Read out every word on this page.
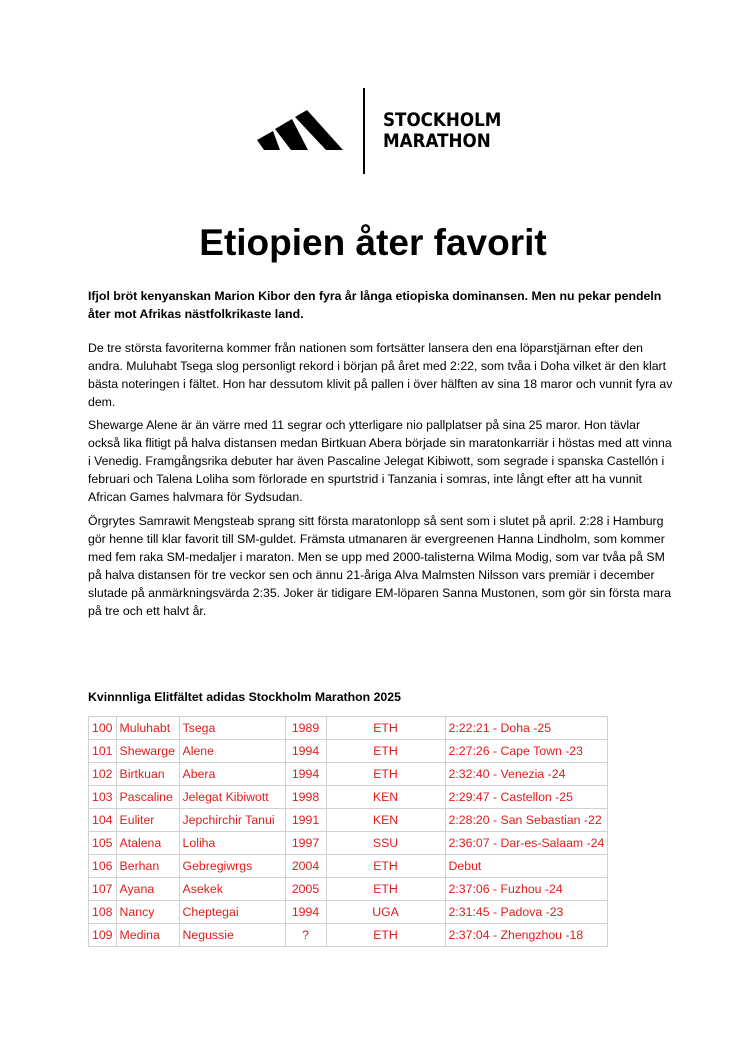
STOCKHOLM
MARATHON
Etiopien åter favorit

Ifjol bröt kenyanskan Marion Kibor den fyra år långa etiopiska dominansen. Men nu pekar pendeln åter mot Afrikas nästfolkrikaste land.

De tre största favoriterna kommer från nationen som fortsätter lansera den ena löparstjärnan efter den andra. Muluhabt Tsega slog personligt rekord i början på året med 2:22, som tvåa i Doha vilket är den klart bästa noteringen i fältet. Hon har dessutom klivit på pallen i över hälften av sina 18 maror och vunnit fyra av dem.

Shewarge Alene är än värre med 11 segrar och ytterligare nio pallplatser på sina 25 maror. Hon tävlar också lika flitigt på halva distansen medan Birtkuan Abera började sin maratonkarriär i höstas med att vinna i Venedig. Framgångsrika debuter har även Pascaline Jelegat Kibiwott, som segrade i spanska Castellón i februari och Talena Loliha som förlorade en spurtstrid i Tanzania i somras, inte långt efter att ha vunnit African Games halvmara för Sydsudan.

Örgrytes Samrawit Mengsteab sprang sitt första maratonlopp så sent som i slutet på april. 2:28 i Hamburg gör henne till klar favorit till SM-guldet. Främsta utmanaren är evergreenen Hanna Lindholm, som kommer med fem raka SM-medaljer i maraton. Men se upp med 2000-talisterna Wilma Modig, som var tvåa på SM på halva distansen för tre veckor sen och ännu 21-åriga Alva Malmsten Nilsson vars premiär i december slutade på anmärkningsvärda 2:35. Joker är tidigare EM-löparen Sanna Mustonen, som gör sin första mara på tre och ett halvt år.

Kvinnnliga Elitfältet adidas Stockholm Marathon 2025

100	Muluhabt	Tsega	1989	ETH	2:22:21 - Doha -25
101	Shewarge	Alene	1994	ETH	2:27:26 - Cape Town -23
102	Birtkuan	Abera	1994	ETH	2:32:40 - Venezia -24
103	Pascaline	Jelegat Kibiwott	1998	KEN	2:29:47 - Castellon -25
104	Euliter	Jepchirchir Tanui	1991	KEN	2:28:20 - San Sebastian -22
105	Atalena	Loliha	1997	SSU	2:36:07 - Dar-es-Salaam -24
106	Berhan	Gebregiwrgs	2004	ETH	Debut
107	Ayana	Asekek	2005	ETH	2:37:06 - Fuzhou -24
108	Nancy	Cheptegai	1994	UGA	2:31:45 - Padova -23
109	Medina	Negussie	?	ETH	2:37:04 - Zhengzhou -18
